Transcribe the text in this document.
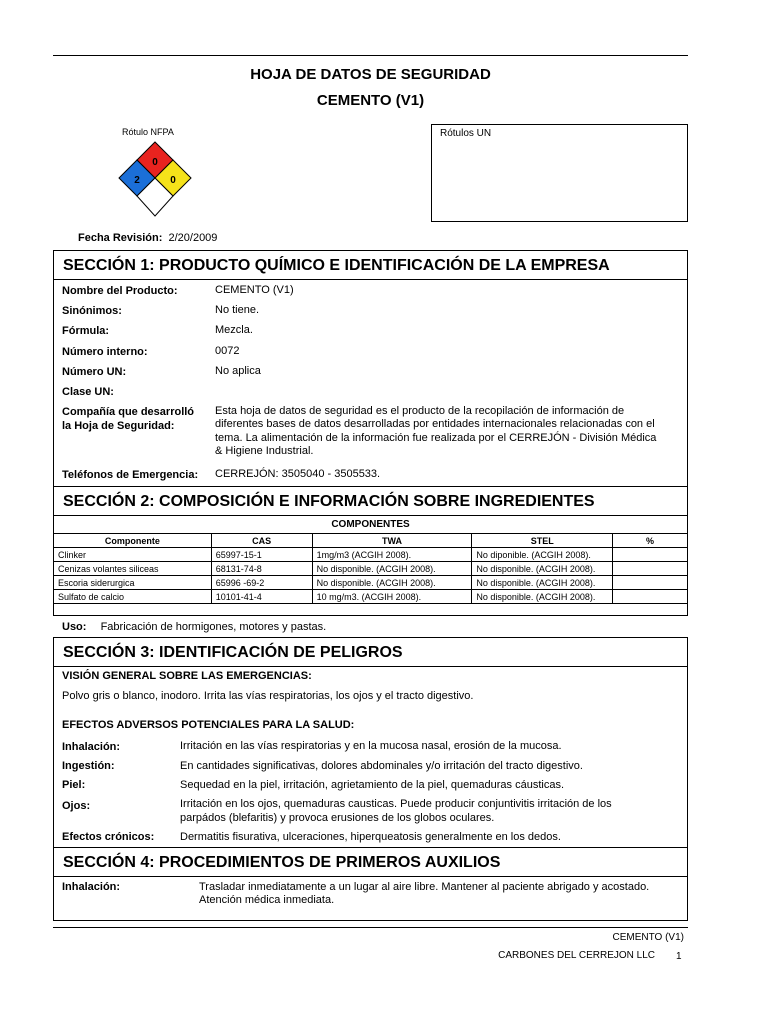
HOJA DE DATOS DE SEGURIDAD
CEMENTO (V1)
Rótulo NFPA
0
2	0
Rótulos UN
Fecha Revisión: 2/20/2009
SECCIÓN 1: PRODUCTO QUÍMICO E IDENTIFICACIÓN DE LA EMPRESA
Nombre del Producto:	CEMENTO (V1)
Sinónimos:	No tiene.
Fórmula:	Mezcla.
Número interno:	0072
Número UN:	No aplica
Clase UN:
Compañía que desarrolló
la Hoja de Seguridad:
Esta hoja de datos de seguridad es el producto de la recopilación de información de
diferentes bases de datos desarrolladas por entidades internacionales relacionadas con el
tema. La alimentación de la información fue realizada por el CERREJÓN - División Médica
& Higiene Industrial.
Teléfonos de Emergencia: CERREJÓN: 3505040 - 3505533.
SECCIÓN 2: COMPOSICIÓN E INFORMACIÓN SOBRE INGREDIENTES
COMPONENTES
Componente	CAS	TWA	STEL	%
Clinker	65997-15-1	1mg/m3 (ACGIH 2008).	No diponible. (ACGIH 2008).	
Cenizas volantes siliceas	68131-74-8	No disponible. (ACGIH 2008).	No disponible. (ACGIH 2008).	
Escoria siderurgica	65996 -69-2	No disponible. (ACGIH 2008).	No disponible. (ACGIH 2008).	
Sulfato de calcio	10101-41-4	10 mg/m3. (ACGIH 2008).	No disponible. (ACGIH 2008).	
Uso: Fabricación de hormigones, motores y pastas.
SECCIÓN 3: IDENTIFICACIÓN DE PELIGROS
VISIÓN GENERAL SOBRE LAS EMERGENCIAS:
Polvo gris o blanco, inodoro. Irrita las vías respiratorias, los ojos y el tracto digestivo.
EFECTOS ADVERSOS POTENCIALES PARA LA SALUD:
Inhalación:	Irritación en las vías respiratorias y en la mucosa nasal, erosión de la mucosa.
Ingestión:	En cantidades significativas, dolores abdominales y/o irritación del tracto digestivo.
Piel:	Sequedad en la piel, irritación, agrietamiento de la piel, quemaduras cáusticas.
Ojos:	Irritación en los ojos, quemaduras causticas. Puede producir conjuntivitis irritación de los
parpádos (blefaritis) y provoca erusiones de los globos oculares.
Efectos crónicos: Dermatitis fisurativa, ulceraciones, hiperqueatosis generalmente en los dedos.
SECCIÓN 4: PROCEDIMIENTOS DE PRIMEROS AUXILIOS
Inhalación:	Trasladar inmediatamente a un lugar al aire libre. Mantener al paciente abrigado y acostado.
Atención médica inmediata.
CEMENTO (V1)
CARBONES DEL CERREJON LLC 1
